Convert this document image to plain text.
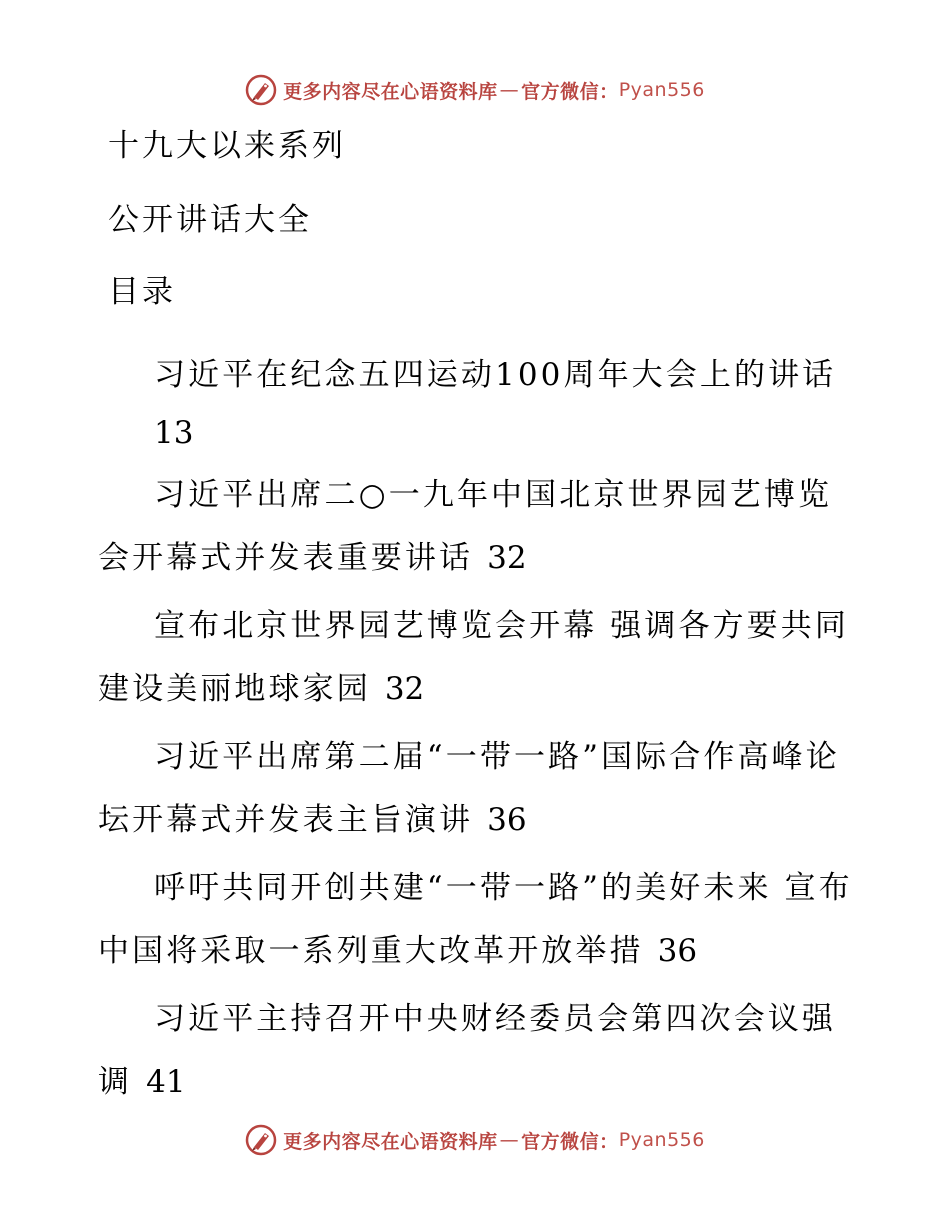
更多内容尽在心语资料库 — 官方微信： Pyan556
十九大以来系列
公开讲话大全
目录
习近平在纪念五四运动100周年大会上的讲话
13
习近平出席二○一九年中国北京世界园艺博览会开幕式并发表重要讲话 32
宣布北京世界园艺博览会开幕 强调各方要共同建设美丽地球家园 32
习近平出席第二届“一带一路”国际合作高峰论坛开幕式并发表主旨演讲 36
呼吁共同开创共建“一带一路”的美好未来 宣布中国将采取一系列重大改革开放举措 36
习近平主持召开中央财经委员会第四次会议强调 41
更多内容尽在心语资料库 — 官方微信： Pyan556
